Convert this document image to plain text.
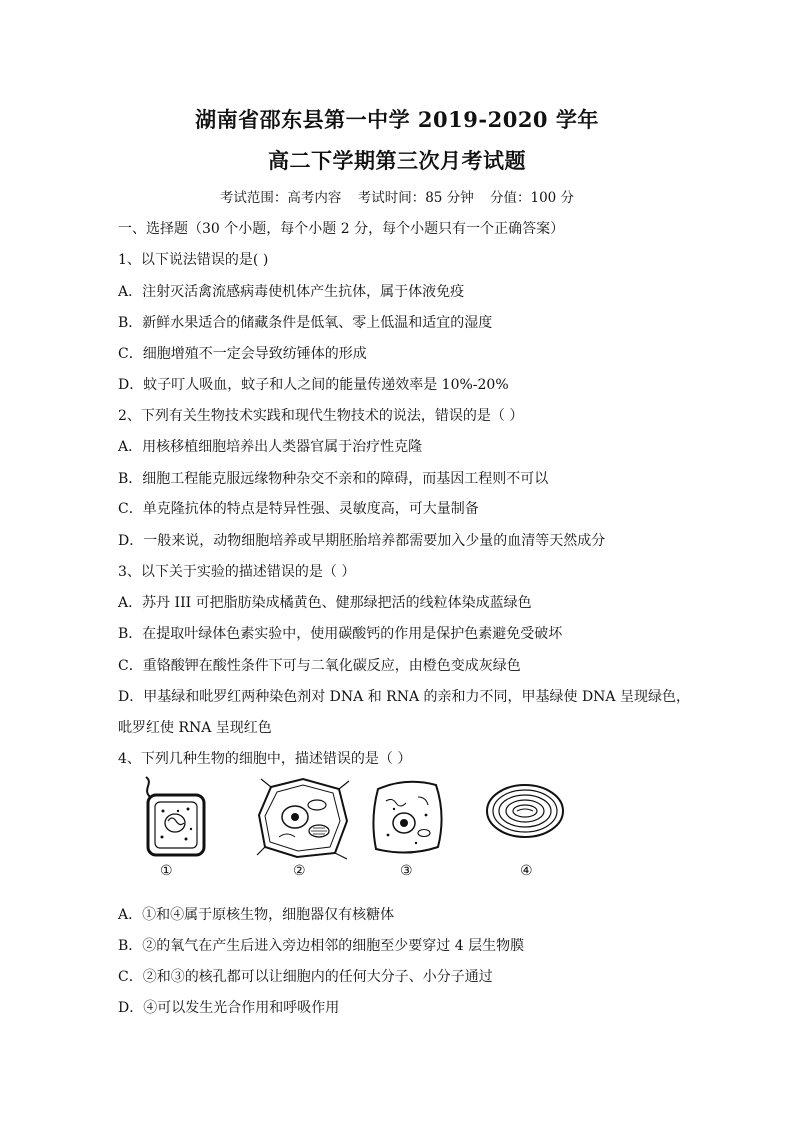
湖南省邵东县第一中学 2019-2020 学年
高二下学期第三次月考试题
考试范围：高考内容 考试时间：85 分钟 分值：100 分
一、选择题（30 个小题，每个小题 2 分，每个小题只有一个正确答案）
1、以下说法错误的是( )
A．注射灭活禽流感病毒使机体产生抗体，属于体液免疫
B．新鲜水果适合的储藏条件是低氧、零上低温和适宜的湿度
C．细胞增殖不一定会导致纺锤体的形成
D．蚊子叮人吸血，蚊子和人之间的能量传递效率是 10%-20%
2、下列有关生物技术实践和现代生物技术的说法，错误的是（ ）
A．用核移植细胞培养出人类器官属于治疗性克隆
B．细胞工程能克服远缘物种杂交不亲和的障碍，而基因工程则不可以
C．单克隆抗体的特点是特异性强、灵敏度高，可大量制备
D．一般来说，动物细胞培养或早期胚胎培养都需要加入少量的血清等天然成分
3、以下关于实验的描述错误的是（ ）
A．苏丹 III 可把脂肪染成橘黄色、健那绿把活的线粒体染成蓝绿色
B．在提取叶绿体色素实验中，使用碳酸钙的作用是保护色素避免受破坏
C．重铬酸钾在酸性条件下可与二氧化碳反应，由橙色变成灰绿色
D．甲基绿和吡罗红两种染色剂对 DNA 和 RNA 的亲和力不同，甲基绿使 DNA 呈现绿色，
吡罗红使 RNA 呈现红色
4、下列几种生物的细胞中，描述错误的是（ ）
①	②	③	④
A．①和④属于原核生物，细胞器仅有核糖体
B．②的氧气在产生后进入旁边相邻的细胞至少要穿过 4 层生物膜
C．②和③的核孔都可以让细胞内的任何大分子、小分子通过
D．④可以发生光合作用和呼吸作用
